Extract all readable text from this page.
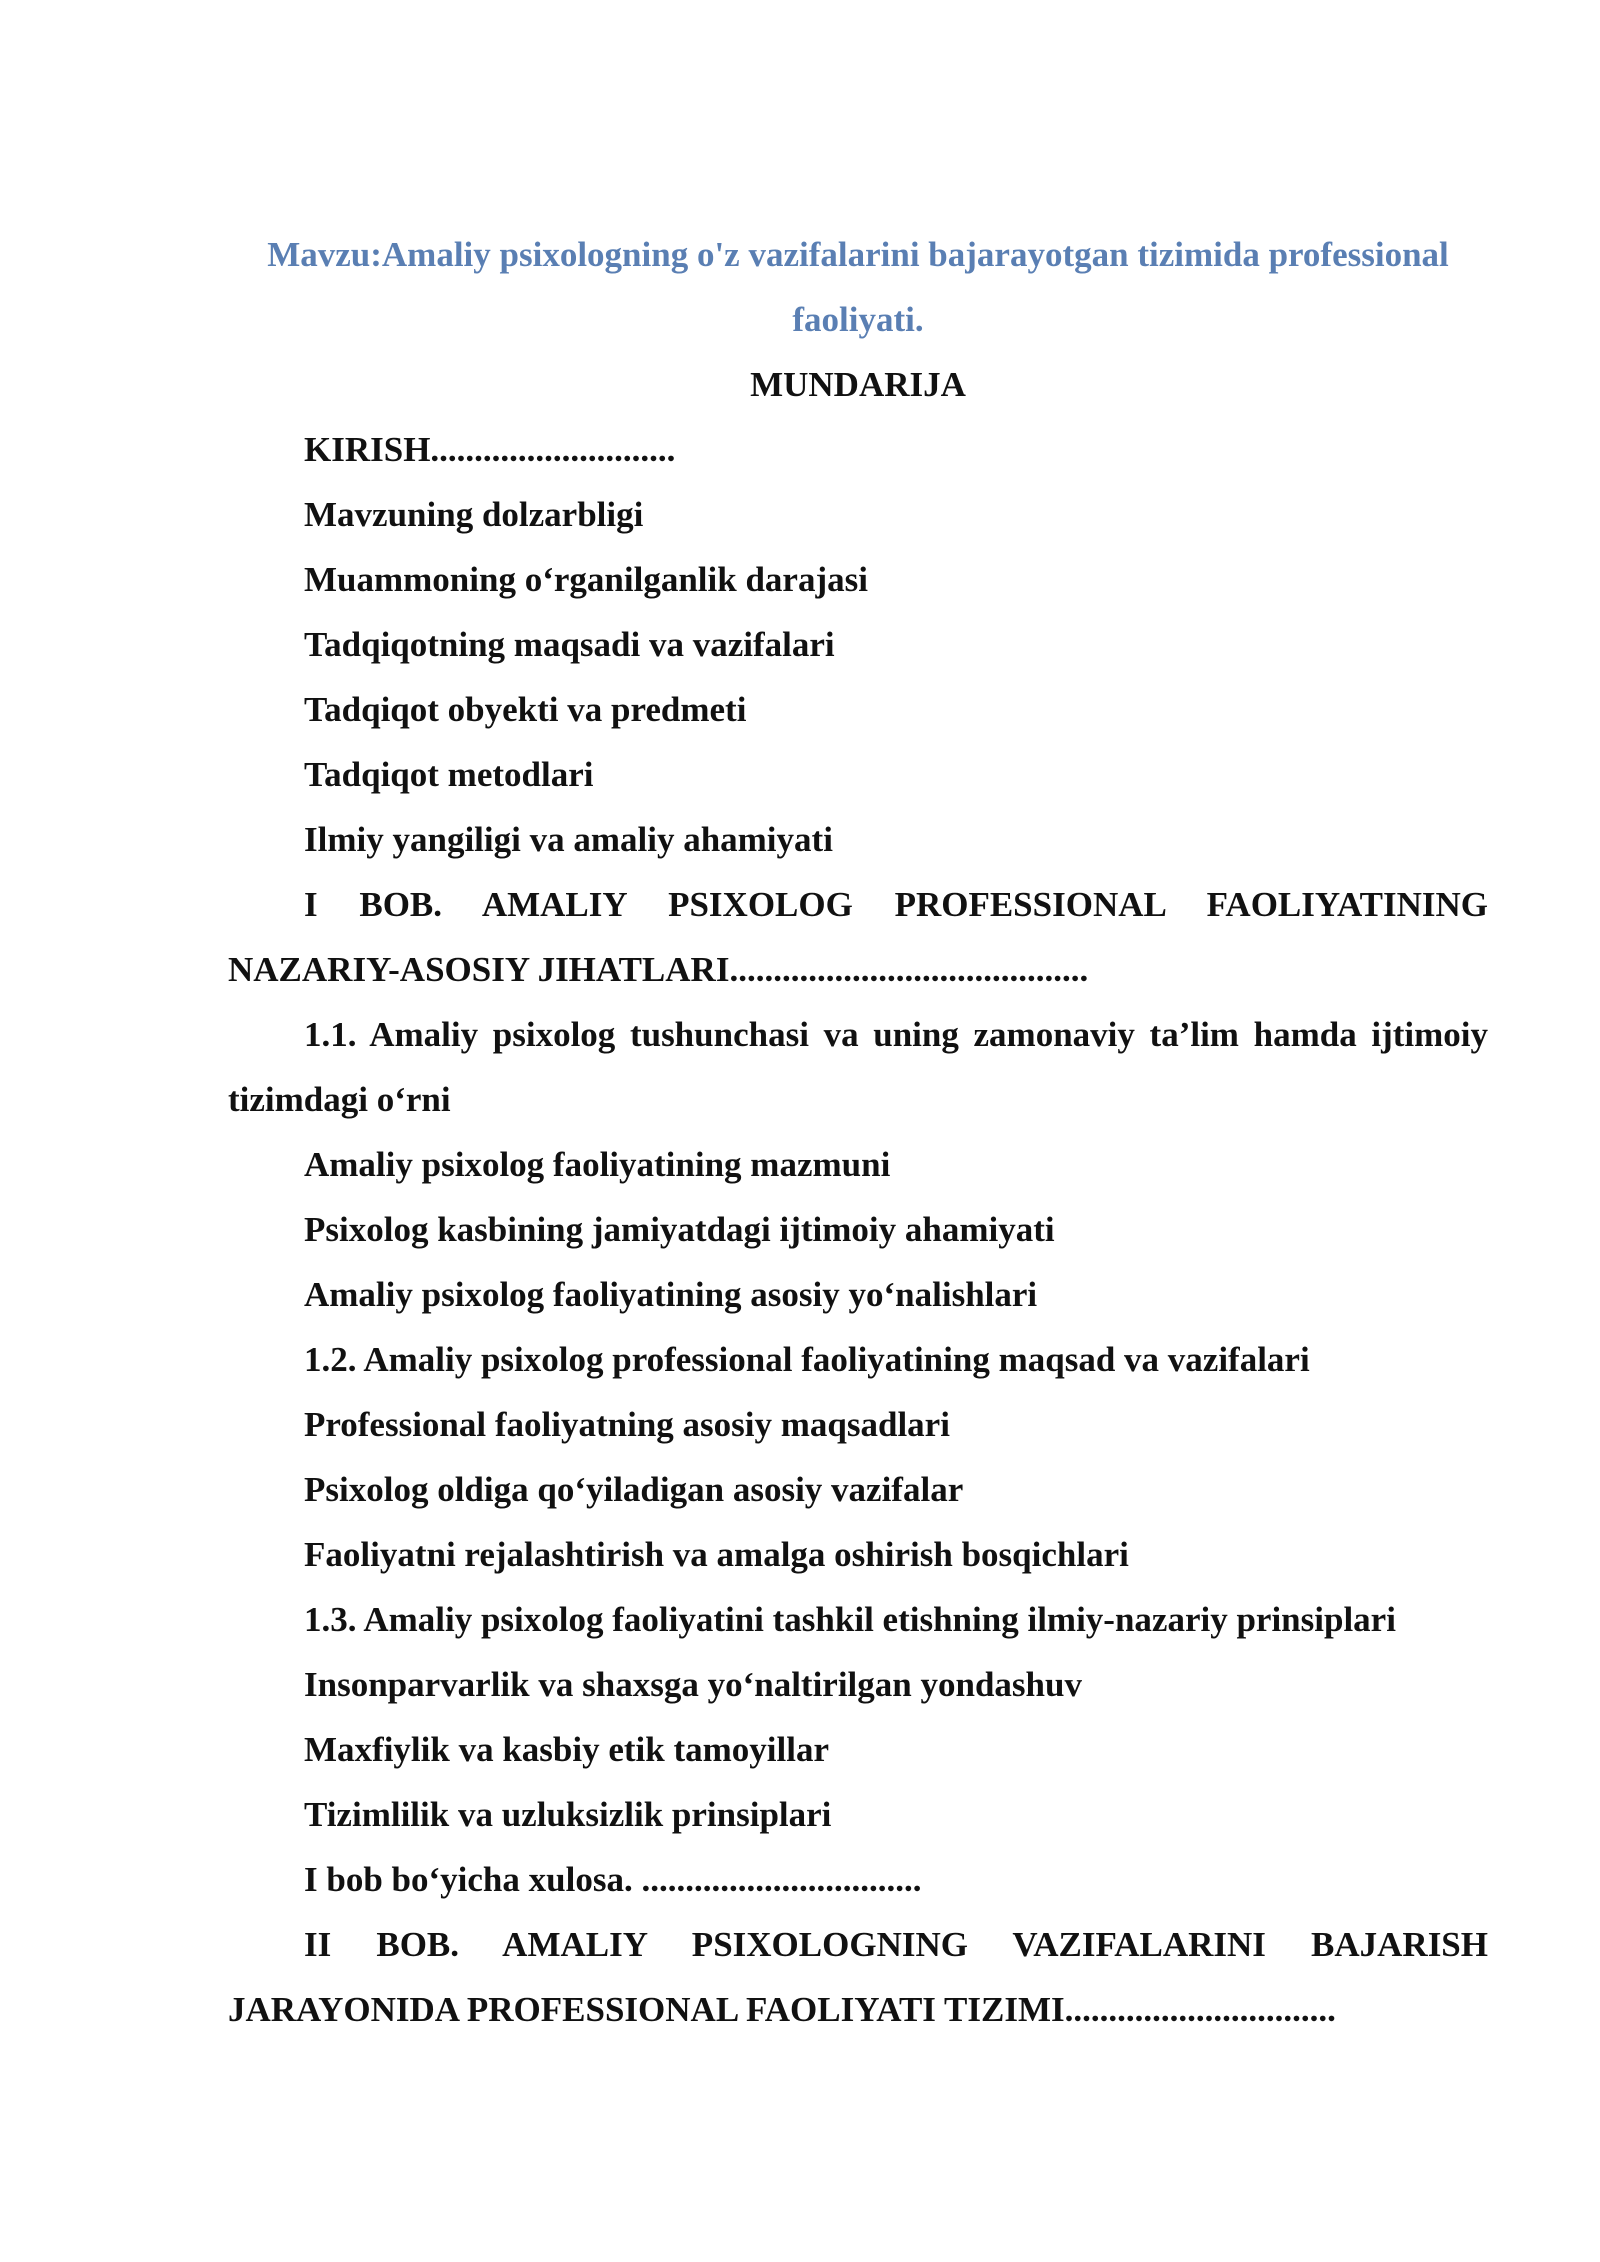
Mavzu:Amaliy psixologning o'z vazifalarini bajarayotgan tizimida professional faoliyati.
MUNDARIJA
KIRISH............................
Mavzuning dolzarbligi
Muammoning o‘rganilganlik darajasi
Tadqiqotning maqsadi va vazifalari
Tadqiqot obyekti va predmeti
Tadqiqot metodlari
Ilmiy yangiligi va amaliy ahamiyati
I BOB. AMALIY PSIXOLOG PROFESSIONAL FAOLIYATINING NAZARIY-ASOSIY JIHATLARI.........................................
1.1. Amaliy psixolog tushunchasi va uning zamonaviy ta’lim hamda ijtimoiy tizimdagi o‘rni
Amaliy psixolog faoliyatining mazmuni
Psixolog kasbining jamiyatdagi ijtimoiy ahamiyati
Amaliy psixolog faoliyatining asosiy yo‘nalishlari
1.2. Amaliy psixolog professional faoliyatining maqsad va vazifalari
Professional faoliyatning asosiy maqsadlari
Psixolog oldiga qo‘yiladigan asosiy vazifalar
Faoliyatni rejalashtirish va amalga oshirish bosqichlari
1.3. Amaliy psixolog faoliyatini tashkil etishning ilmiy-nazariy prinsiplari
Insonparvarlik va shaxsga yo‘naltirilgan yondashuv
Maxfiylik va kasbiy etik tamoyillar
Tizimlilik va uzluksizlik prinsiplari
I bob bo‘yicha xulosa. ................................
II BOB. AMALIY PSIXOLOGNING VAZIFALARINI BAJARISH JARAYONIDA PROFESSIONAL FAOLIYATI TIZIMI...............................
